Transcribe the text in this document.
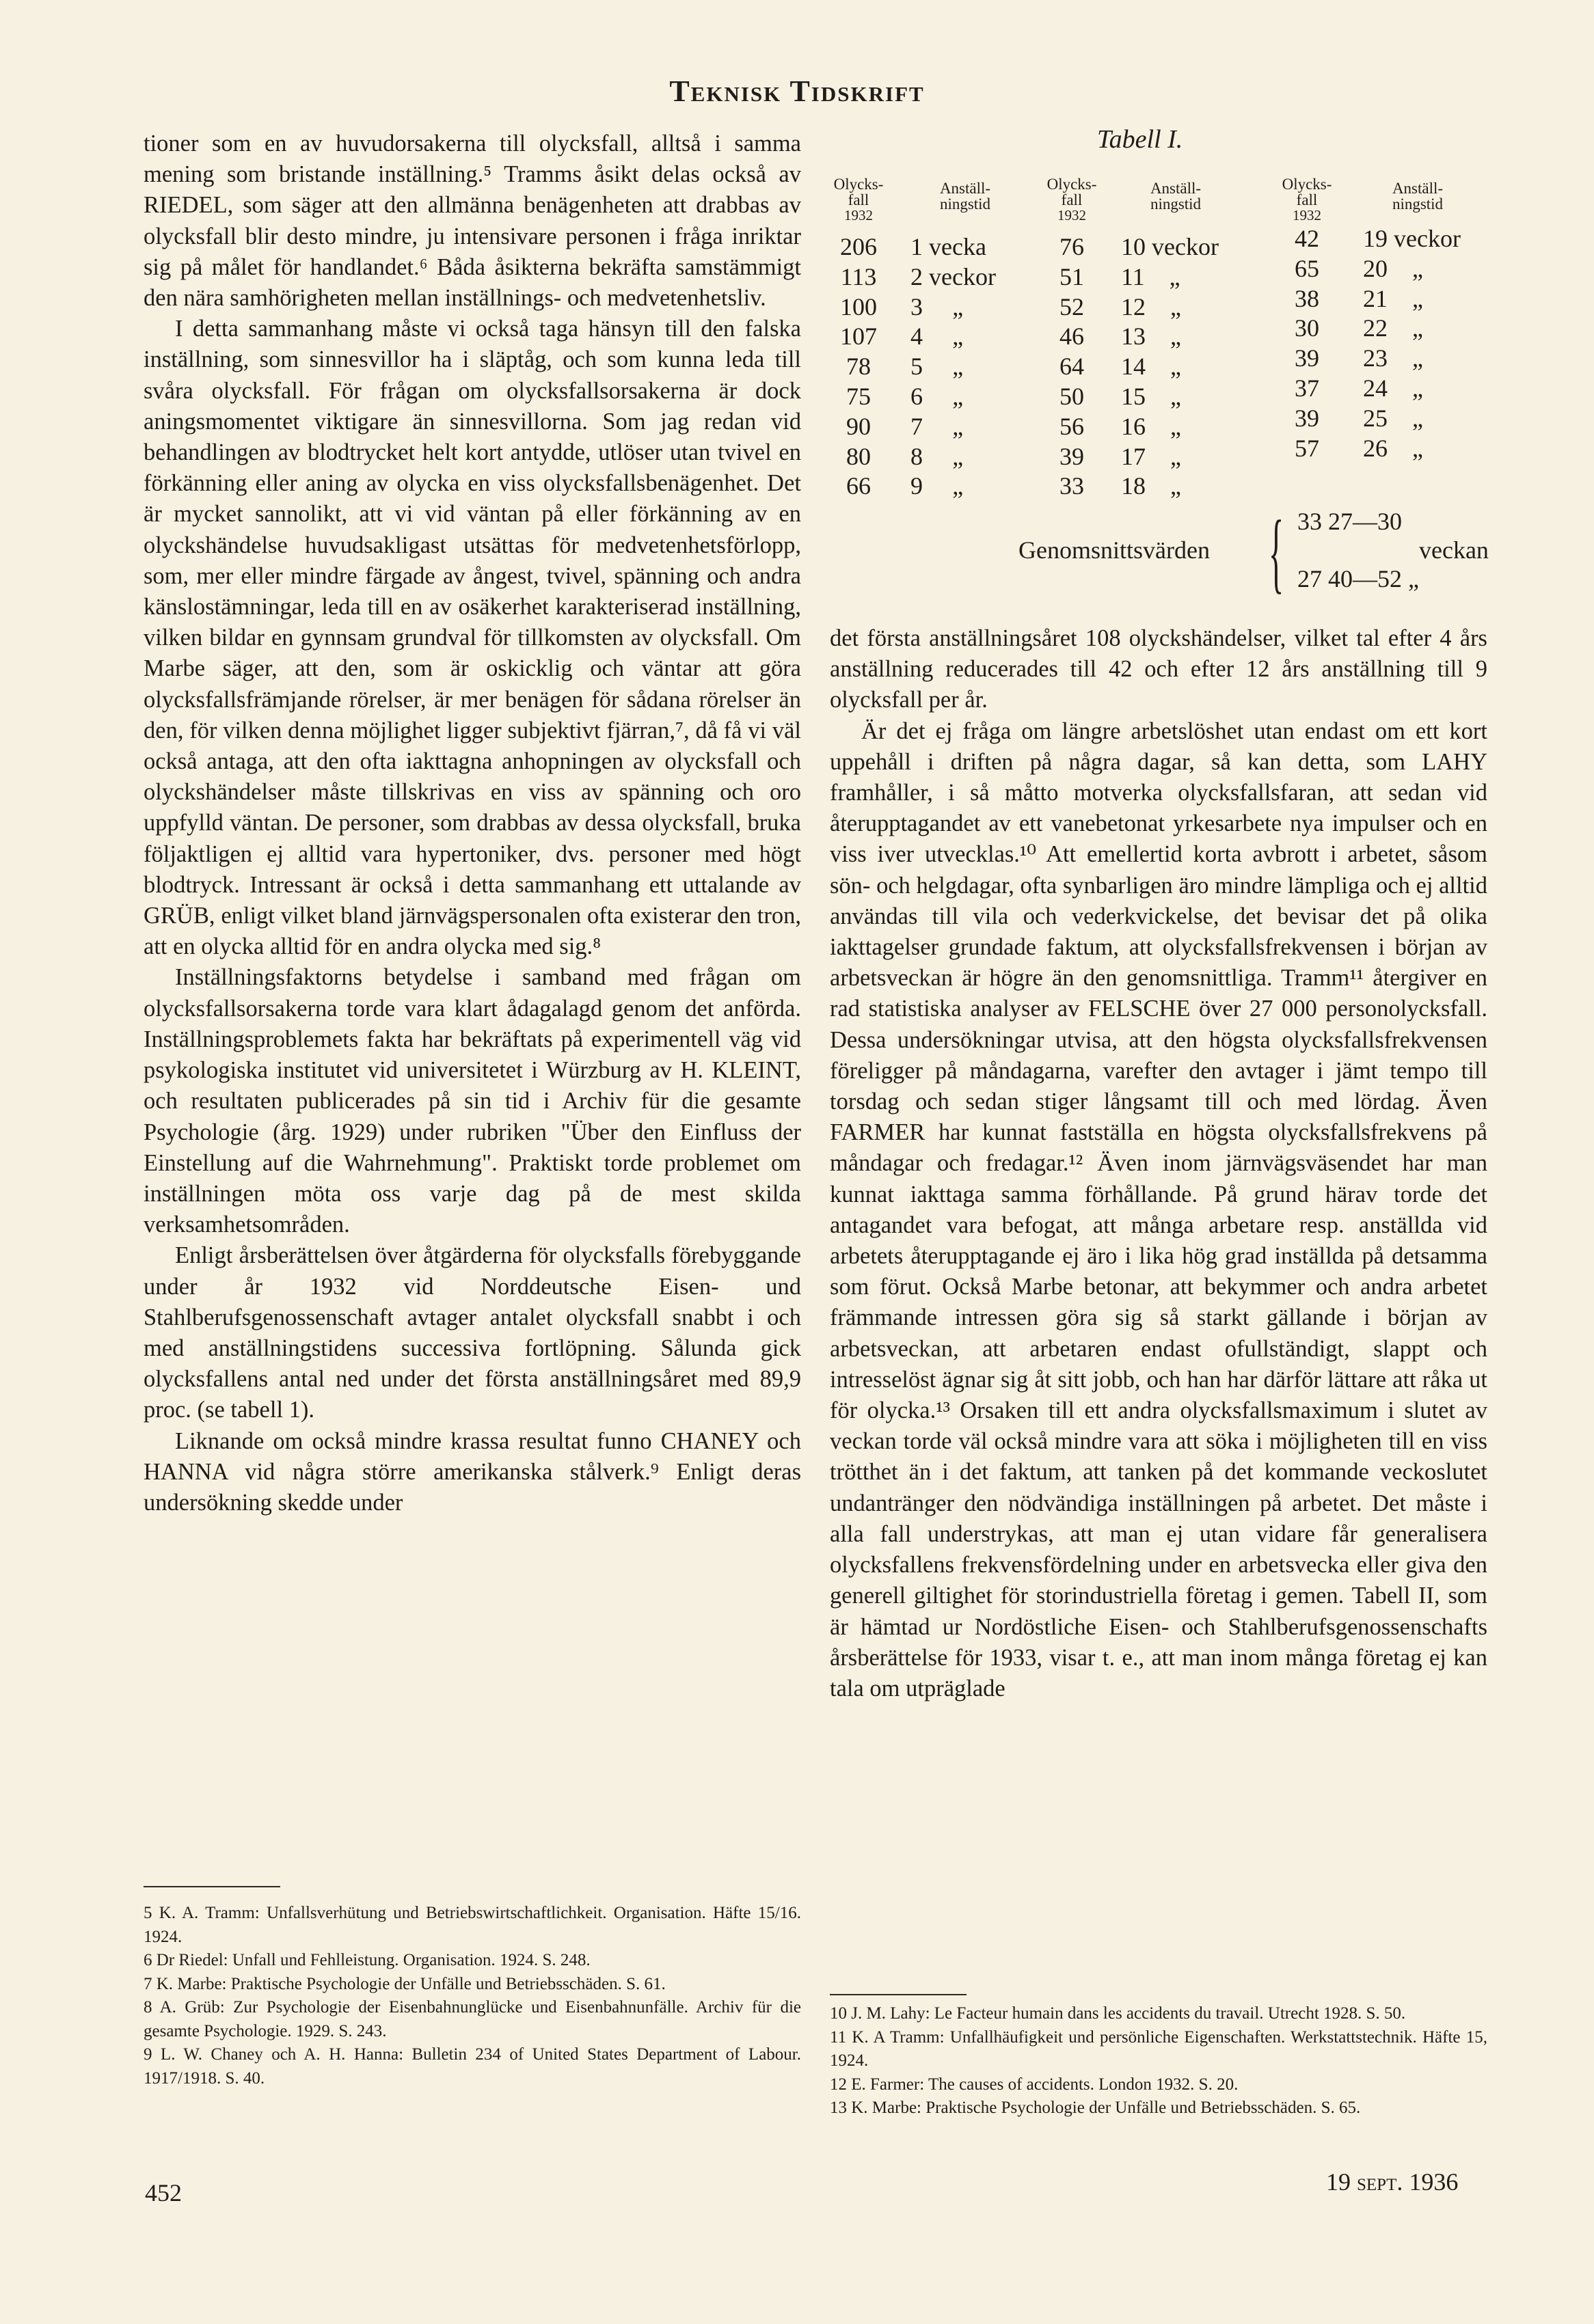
Teknisk Tidskrift

tioner som en av huvudorsakerna till olycksfall, alltså i samma mening som bristande inställning.⁵ Tramms åsikt delas också av RIEDEL, som säger att den allmänna benägenheten att drabbas av olycksfall blir desto mindre, ju intensivare personen i fråga inriktar sig på målet för handlandet.⁶ Båda åsikterna bekräfta samstämmigt den nära samhörigheten mellan inställnings- och medvetenhetsliv.

I detta sammanhang måste vi också taga hänsyn till den falska inställning, som sinnesvillor ha i släptåg, och som kunna leda till svåra olycksfall. För frågan om olycksfallsorsakerna är dock aningsmomentet viktigare än sinnesvillorna. Som jag redan vid behandlingen av blodtrycket helt kort antydde, utlöser utan tvivel en förkänning eller aning av olycka en viss olycksfallsbenägenhet. Det är mycket sannolikt, att vi vid väntan på eller förkänning av en olyckshändelse huvudsakligast utsättas för medvetenhetsförlopp, som, mer eller mindre färgade av ångest, tvivel, spänning och andra känslostämningar, leda till en av osäkerhet karakteriserad inställning, vilken bildar en gynnsam grundval för tillkomsten av olycksfall. Om Marbe säger, att den, som är oskicklig och väntar att göra olycksfallsfrämjande rörelser, är mer benägen för sådana rörelser än den, för vilken denna möjlighet ligger subjektivt fjärran,⁷, då få vi väl också antaga, att den ofta iakttagna anhopningen av olycksfall och olyckshändelser måste tillskrivas en viss av spänning och oro uppfylld väntan. De personer, som drabbas av dessa olycksfall, bruka följaktligen ej alltid vara hypertoniker, dvs. personer med högt blodtryck. Intressant är också i detta sammanhang ett uttalande av GRÜB, enligt vilket bland järnvägspersonalen ofta existerar den tron, att en olycka alltid för en andra olycka med sig.⁸

Inställningsfaktorns betydelse i samband med frågan om olycksfallsorsakerna torde vara klart ådagalagd genom det anförda. Inställningsproblemets fakta har bekräftats på experimentell väg vid psykologiska institutet vid universitetet i Würzburg av H. KLEINT, och resultaten publicerades på sin tid i Archiv für die gesamte Psychologie (årg. 1929) under rubriken "Über den Einfluss der Einstellung auf die Wahrnehmung". Praktiskt torde problemet om inställningen möta oss varje dag på de mest skilda verksamhetsområden.

Enligt årsberättelsen över åtgärderna för olycksfalls förebyggande under år 1932 vid Norddeutsche Eisen- und Stahlberufsgenossenschaft avtager antalet olycksfall snabbt i och med anställningstidens successiva fortlöpning. Sålunda gick olycksfallens antal ned under det första anställningsåret med 89,9 proc. (se tabell 1).

Liknande om också mindre krassa resultat funno CHANEY och HANNA vid några större amerikanska stålverk.⁹ Enligt deras undersökning skedde under

5 K. A. Tramm: Unfallsverhütung und Betriebswirtschaftlichkeit. Organisation. Häfte 15/16. 1924.

6 Dr Riedel: Unfall und Fehlleistung. Organisation. 1924. S. 248.

7 K. Marbe: Praktische Psychologie der Unfälle und Betriebsschäden. S. 61.

8 A. Grüb: Zur Psychologie der Eisenbahnunglücke und Eisenbahnunfälle. Archiv für die gesamte Psychologie. 1929. S. 243.

9 L. W. Chaney och A. H. Hanna: Bulletin 234 of United States Department of Labour. 1917/1918. S. 40.

Tabell I.
Olycks-
fall
1932
Anställ-
ningstid
206	1 vecka
113	2 veckor
100	3  „
107	4  „
78	5  „
75	6  „
90	7  „
80	8  „
66	9  „
Olycks-
fall
1932
Anställ-
ningstid
76	10 veckor
51	11 „
52	12 „
46	13 „
64	14 „
50	15 „
56	16 „
39	17 „
33	18 „
Olycks-
fall
1932
Anställ-
ningstid
42	19 veckor
65	20 „
38	21 „
30	22 „
39	23 „
37	24 „
39	25 „
57	26 „
Genomsnittsvärden { 33 27—30
veckan
27 40—52 „

det första anställningsåret 108 olyckshändelser, vilket tal efter 4 års anställning reducerades till 42 och efter 12 års anställning till 9 olycksfall per år.

Är det ej fråga om längre arbetslöshet utan endast om ett kort uppehåll i driften på några dagar, så kan detta, som LAHY framhåller, i så måtto motverka olycksfallsfaran, att sedan vid återupptagandet av ett vanebetonat yrkesarbete nya impulser och en viss iver utvecklas.¹⁰ Att emellertid korta avbrott i arbetet, såsom sön- och helgdagar, ofta synbarligen äro mindre lämpliga och ej alltid användas till vila och vederkvickelse, det bevisar det på olika iakttagelser grundade faktum, att olycksfallsfrekvensen i början av arbetsveckan är högre än den genomsnittliga. Tramm¹¹ återgiver en rad statistiska analyser av FELSCHE över 27 000 personolycksfall. Dessa undersökningar utvisa, att den högsta olycksfallsfrekvensen föreligger på måndagarna, varefter den avtager i jämt tempo till torsdag och sedan stiger långsamt till och med lördag. Även FARMER har kunnat fastställa en högsta olycksfallsfrekvens på måndagar och fredagar.¹² Även inom järnvägsväsendet har man kunnat iakttaga samma förhållande. På grund härav torde det antagandet vara befogat, att många arbetare resp. anställda vid arbetets återupptagande ej äro i lika hög grad inställda på detsamma som förut. Också Marbe betonar, att bekymmer och andra arbetet främmande intressen göra sig så starkt gällande i början av arbetsveckan, att arbetaren endast ofullständigt, slappt och intresselöst ägnar sig åt sitt jobb, och han har därför lättare att råka ut för olycka.¹³ Orsaken till ett andra olycksfallsmaximum i slutet av veckan torde väl också mindre vara att söka i möjligheten till en viss trötthet än i det faktum, att tanken på det kommande veckoslutet undantränger den nödvändiga inställningen på arbetet. Det måste i alla fall understrykas, att man ej utan vidare får generalisera olycksfallens frekvensfördelning under en arbetsvecka eller giva den generell giltighet för storindustriella företag i gemen. Tabell II, som är hämtad ur Nordöstliche Eisen- och Stahlberufsgenossenschafts årsberättelse för 1933, visar t. e., att man inom många företag ej kan tala om utpräglade

10 J. M. Lahy: Le Facteur humain dans les accidents du travail. Utrecht 1928. S. 50.

11 K. A Tramm: Unfallhäufigkeit und persönliche Eigenschaften. Werkstattstechnik. Häfte 15, 1924.

12 E. Farmer: The causes of accidents. London 1932. S. 20.

13 K. Marbe: Praktische Psychologie der Unfälle und Betriebsschäden. S. 65.

452	19 sept. 1936
